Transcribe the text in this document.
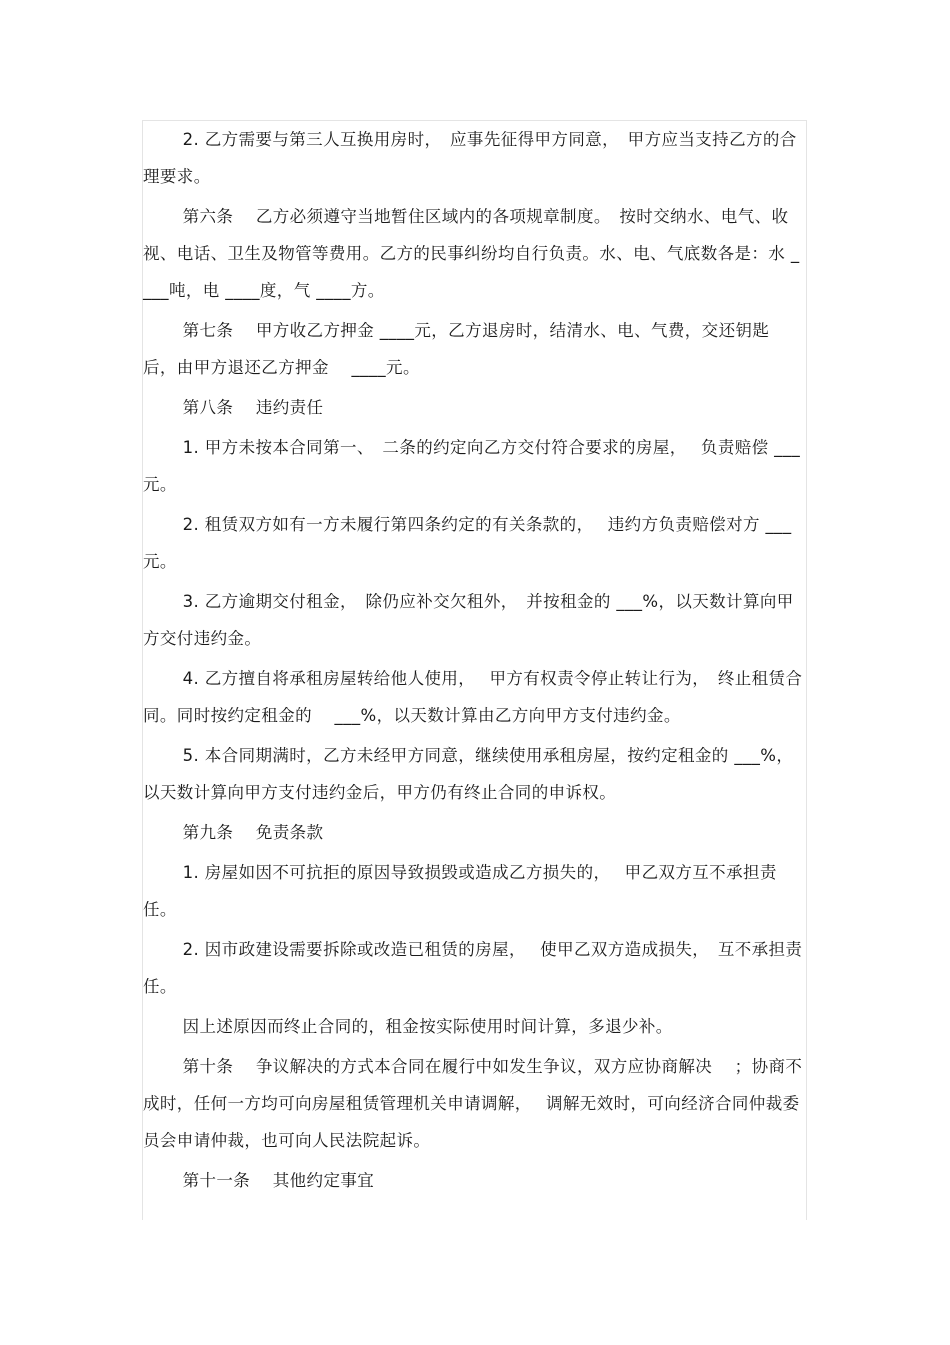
2. 乙方需要与第三人互换用房时，　应事先征得甲方同意，　甲方应当支持乙方的合理要求。

第六条　 乙方必须遵守当地暂住区域内的各项规章制度。　按时交纳水、电气、收视、电话、卫生及物管等费用。乙方的民事纠纷均自行负责。水、电、气底数各是：水 ____吨，电 ____度，气 ____方。

第七条　 甲方收乙方押金 ____元，乙方退房时，结清水、电、气费，交还钥匙后，由甲方退还乙方押金　 ____元。

第八条　 违约责任

1. 甲方未按本合同第一、　二条的约定向乙方交付符合要求的房屋，　 负责赔偿 ___元。

2. 租赁双方如有一方未履行第四条约定的有关条款的，　 违约方负责赔偿对方 ___元。

3. 乙方逾期交付租金，　除仍应补交欠租外，　并按租金的 ___%，以天数计算向甲方交付违约金。

4. 乙方擅自将承租房屋转给他人使用，　 甲方有权责令停止转让行为，　终止租赁合同。同时按约定租金的　 ___%，以天数计算由乙方向甲方支付违约金。

5. 本合同期满时，乙方未经甲方同意，继续使用承租房屋，按约定租金的 ___%，以天数计算向甲方支付违约金后，甲方仍有终止合同的申诉权。

第九条　 免责条款

1. 房屋如因不可抗拒的原因导致损毁或造成乙方损失的，　 甲乙双方互不承担责任。

2. 因市政建设需要拆除或改造已租赁的房屋，　 使甲乙双方造成损失，　互不承担责任。

因上述原因而终止合同的，租金按实际使用时间计算，多退少补。

第十条　 争议解决的方式本合同在履行中如发生争议，双方应协商解决　 ；协商不成时，任何一方均可向房屋租赁管理机关申请调解，　 调解无效时，可向经济合同仲裁委员会申请仲裁，也可向人民法院起诉。

第十一条　 其他约定事宜
